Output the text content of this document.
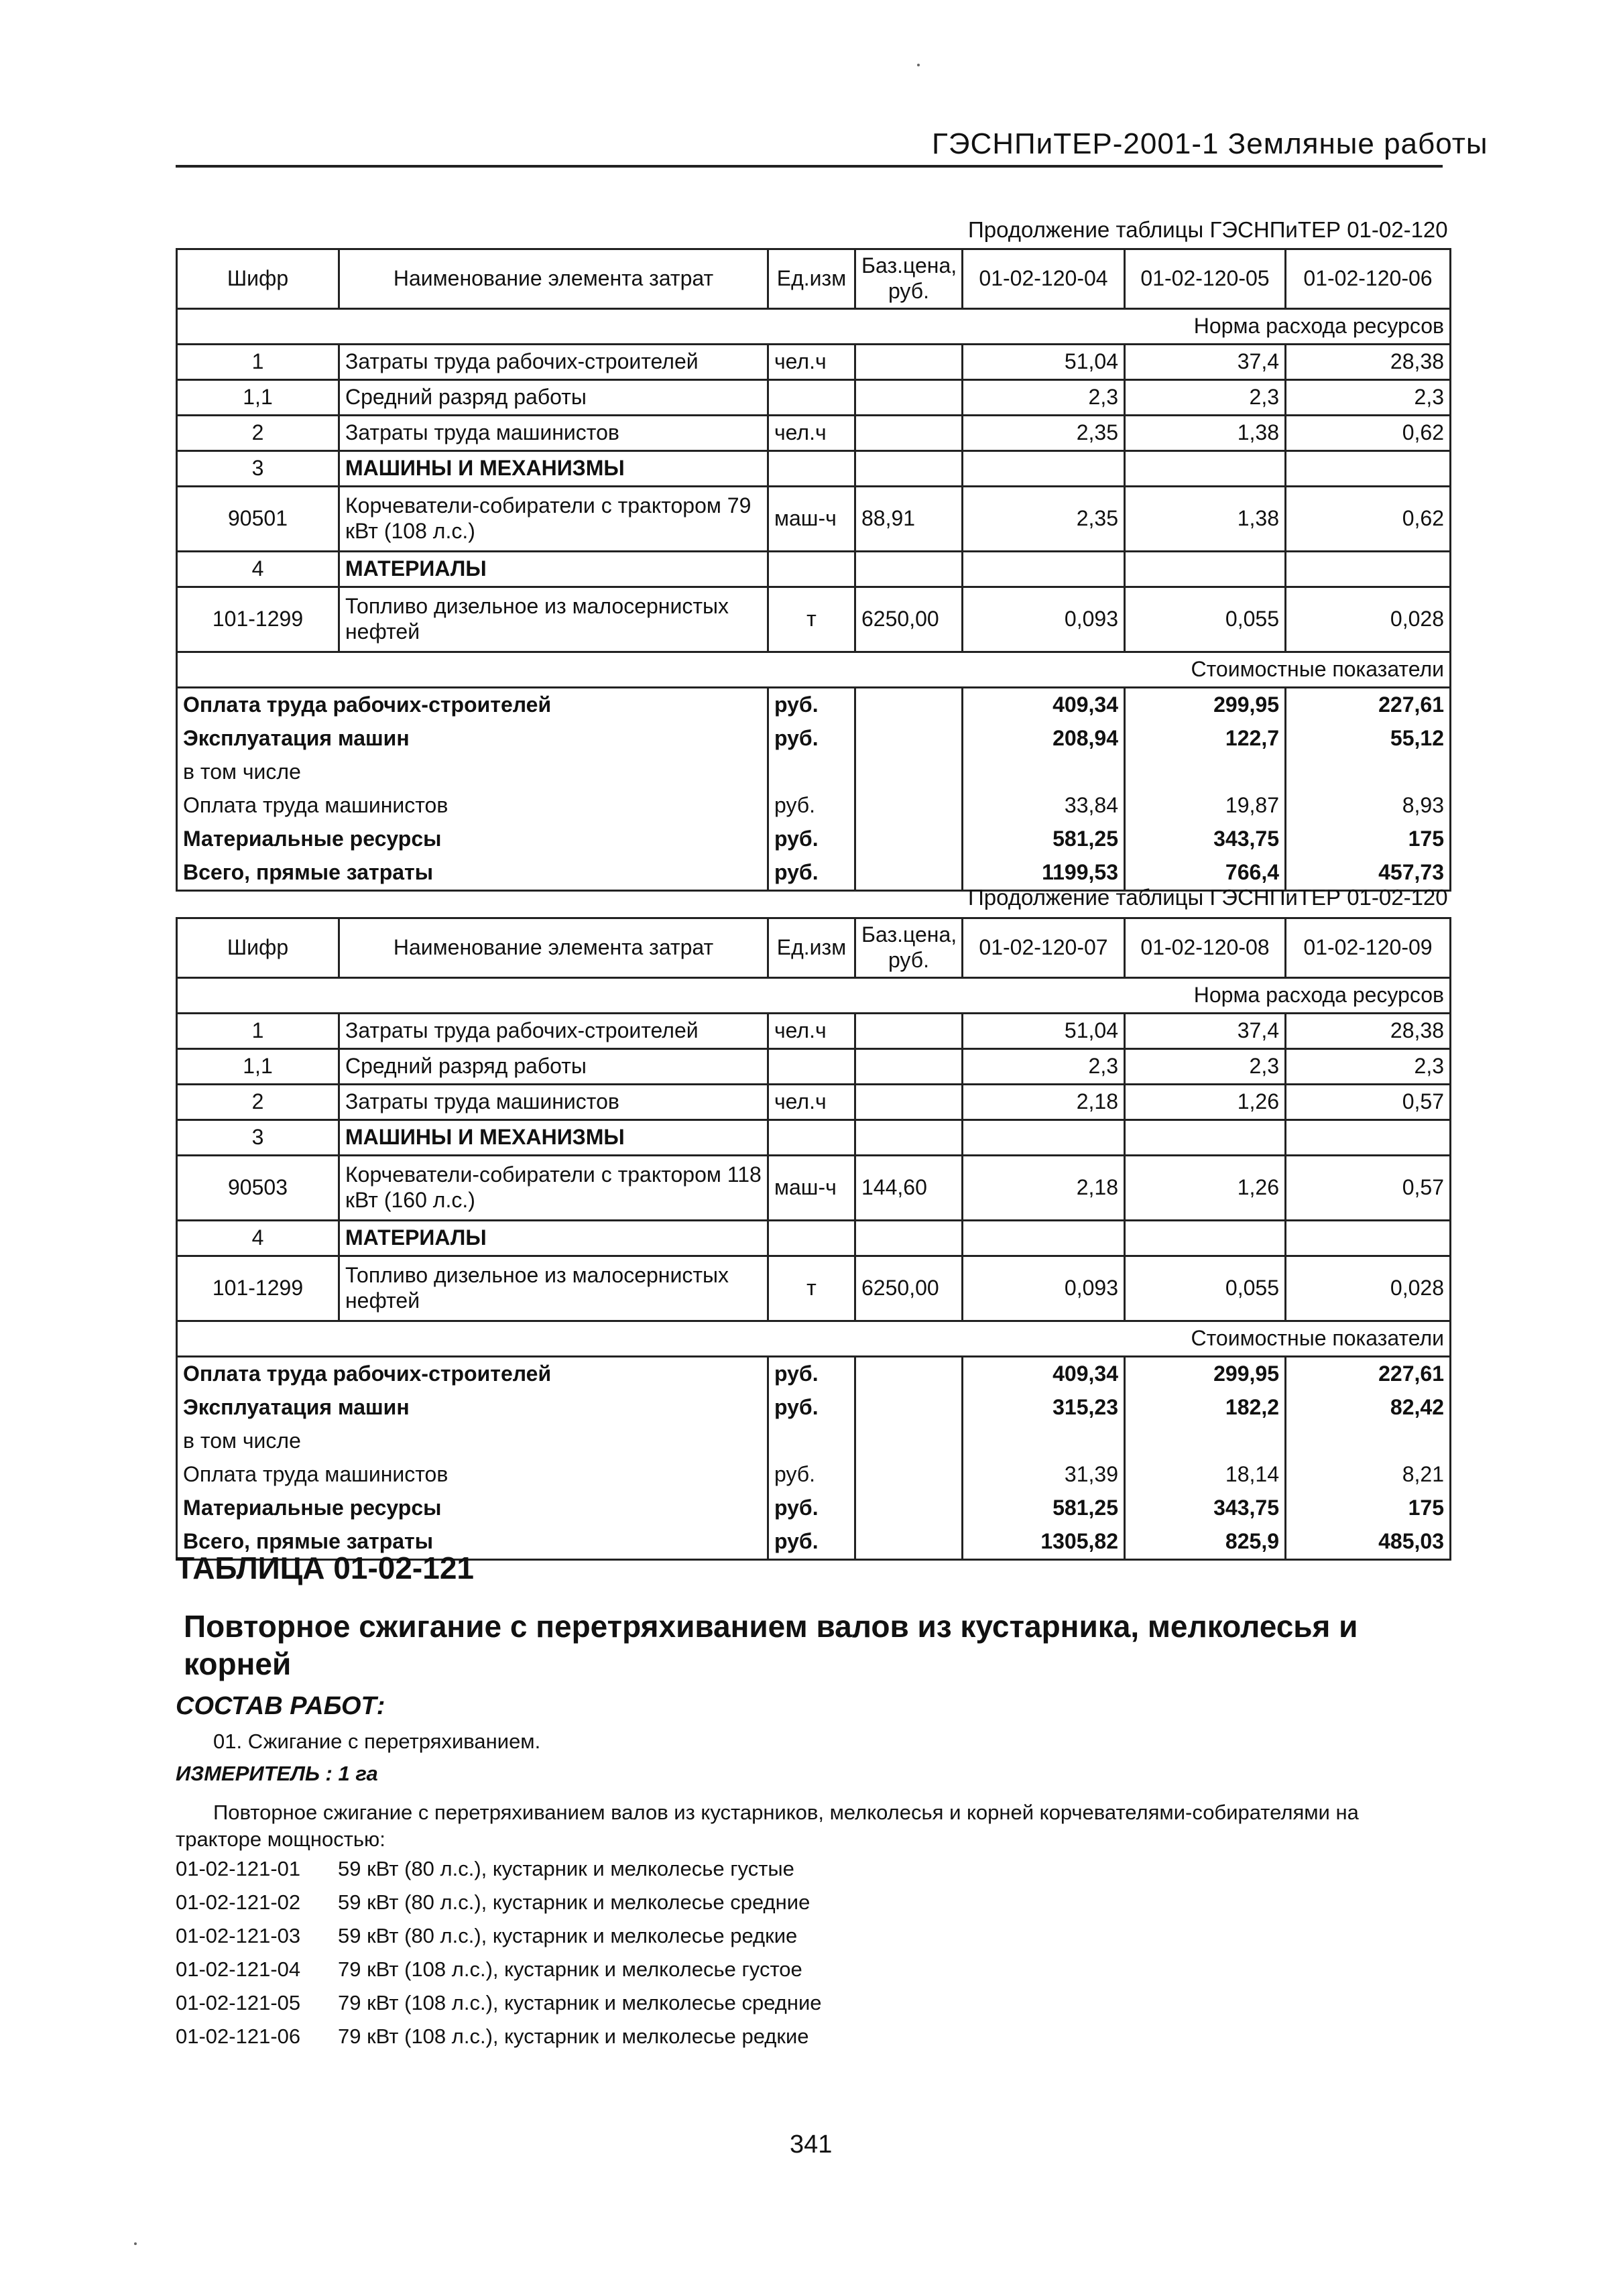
ГЭСНПиТЕР-2001-1 Земляные работы
Продолжение таблицы ГЭСНПиТЕР 01-02-120
Шифр	Наименование элемента затрат	Ед.изм	Баз.цена, руб.	01-02-120-04	01-02-120-05	01-02-120-06
Норма расхода ресурсов						
1	Затраты труда рабочих-строителей	чел.ч		51,04	37,4	28,38
1,1	Средний разряд работы			2,3	2,3	2,3
2	Затраты труда машинистов	чел.ч		2,35	1,38	0,62
3	МАШИНЫ И МЕХАНИЗМЫ					
90501	Корчеватели-собиратели с трактором 79 кВт (108 л.с.)	маш-ч	88,91	2,35	1,38	0,62
4	МАТЕРИАЛЫ					
101-1299	Топливо дизельное из малосернистых нефтей	т	6250,00	0,093	0,055	0,028
Стоимостные показатели						
Оплата труда рабочих-строителей		руб.		409,34	299,95	227,61
Эксплуатация машин		руб.		208,94	122,7	55,12
в том числе						
Оплата труда машинистов		руб.		33,84	19,87	8,93
Материальные ресурсы		руб.		581,25	343,75	175
Всего, прямые затраты		руб.		1199,53	766,4	457,73
Продолжение таблицы ГЭСНПиТЕР 01-02-120
Шифр	Наименование элемента затрат	Ед.изм	Баз.цена, руб.	01-02-120-07	01-02-120-08	01-02-120-09
Норма расхода ресурсов						
1	Затраты труда рабочих-строителей	чел.ч		51,04	37,4	28,38
1,1	Средний разряд работы			2,3	2,3	2,3
2	Затраты труда машинистов	чел.ч		2,18	1,26	0,57
3	МАШИНЫ И МЕХАНИЗМЫ					
90503	Корчеватели-собиратели с трактором 118 кВт (160 л.с.)	маш-ч	144,60	2,18	1,26	0,57
4	МАТЕРИАЛЫ					
101-1299	Топливо дизельное из малосернистых нефтей	т	6250,00	0,093	0,055	0,028
Стоимостные показатели						
Оплата труда рабочих-строителей		руб.		409,34	299,95	227,61
Эксплуатация машин		руб.		315,23	182,2	82,42
в том числе						
Оплата труда машинистов		руб.		31,39	18,14	8,21
Материальные ресурсы		руб.		581,25	343,75	175
Всего, прямые затраты		руб.		1305,82	825,9	485,03
ТАБЛИЦА 01-02-121
Повторное сжигание с перетряхиванием валов из кустарника, мелколесья и корней
СОСТАВ РАБОТ:
01. Сжигание с перетряхиванием.
ИЗМЕРИТЕЛЬ : 1 га
Повторное сжигание с перетряхиванием валов из кустарников, мелколесья и корней корчевателями-собирателями на тракторе мощностью:
01-02-121-01 59 кВт (80 л.с.), кустарник и мелколесье густые
01-02-121-02 59 кВт (80 л.с.), кустарник и мелколесье средние
01-02-121-03 59 кВт (80 л.с.), кустарник и мелколесье редкие
01-02-121-04 79 кВт (108 л.с.), кустарник и мелколесье густое
01-02-121-05 79 кВт (108 л.с.), кустарник и мелколесье средние
01-02-121-06 79 кВт (108 л.с.), кустарник и мелколесье редкие
341
